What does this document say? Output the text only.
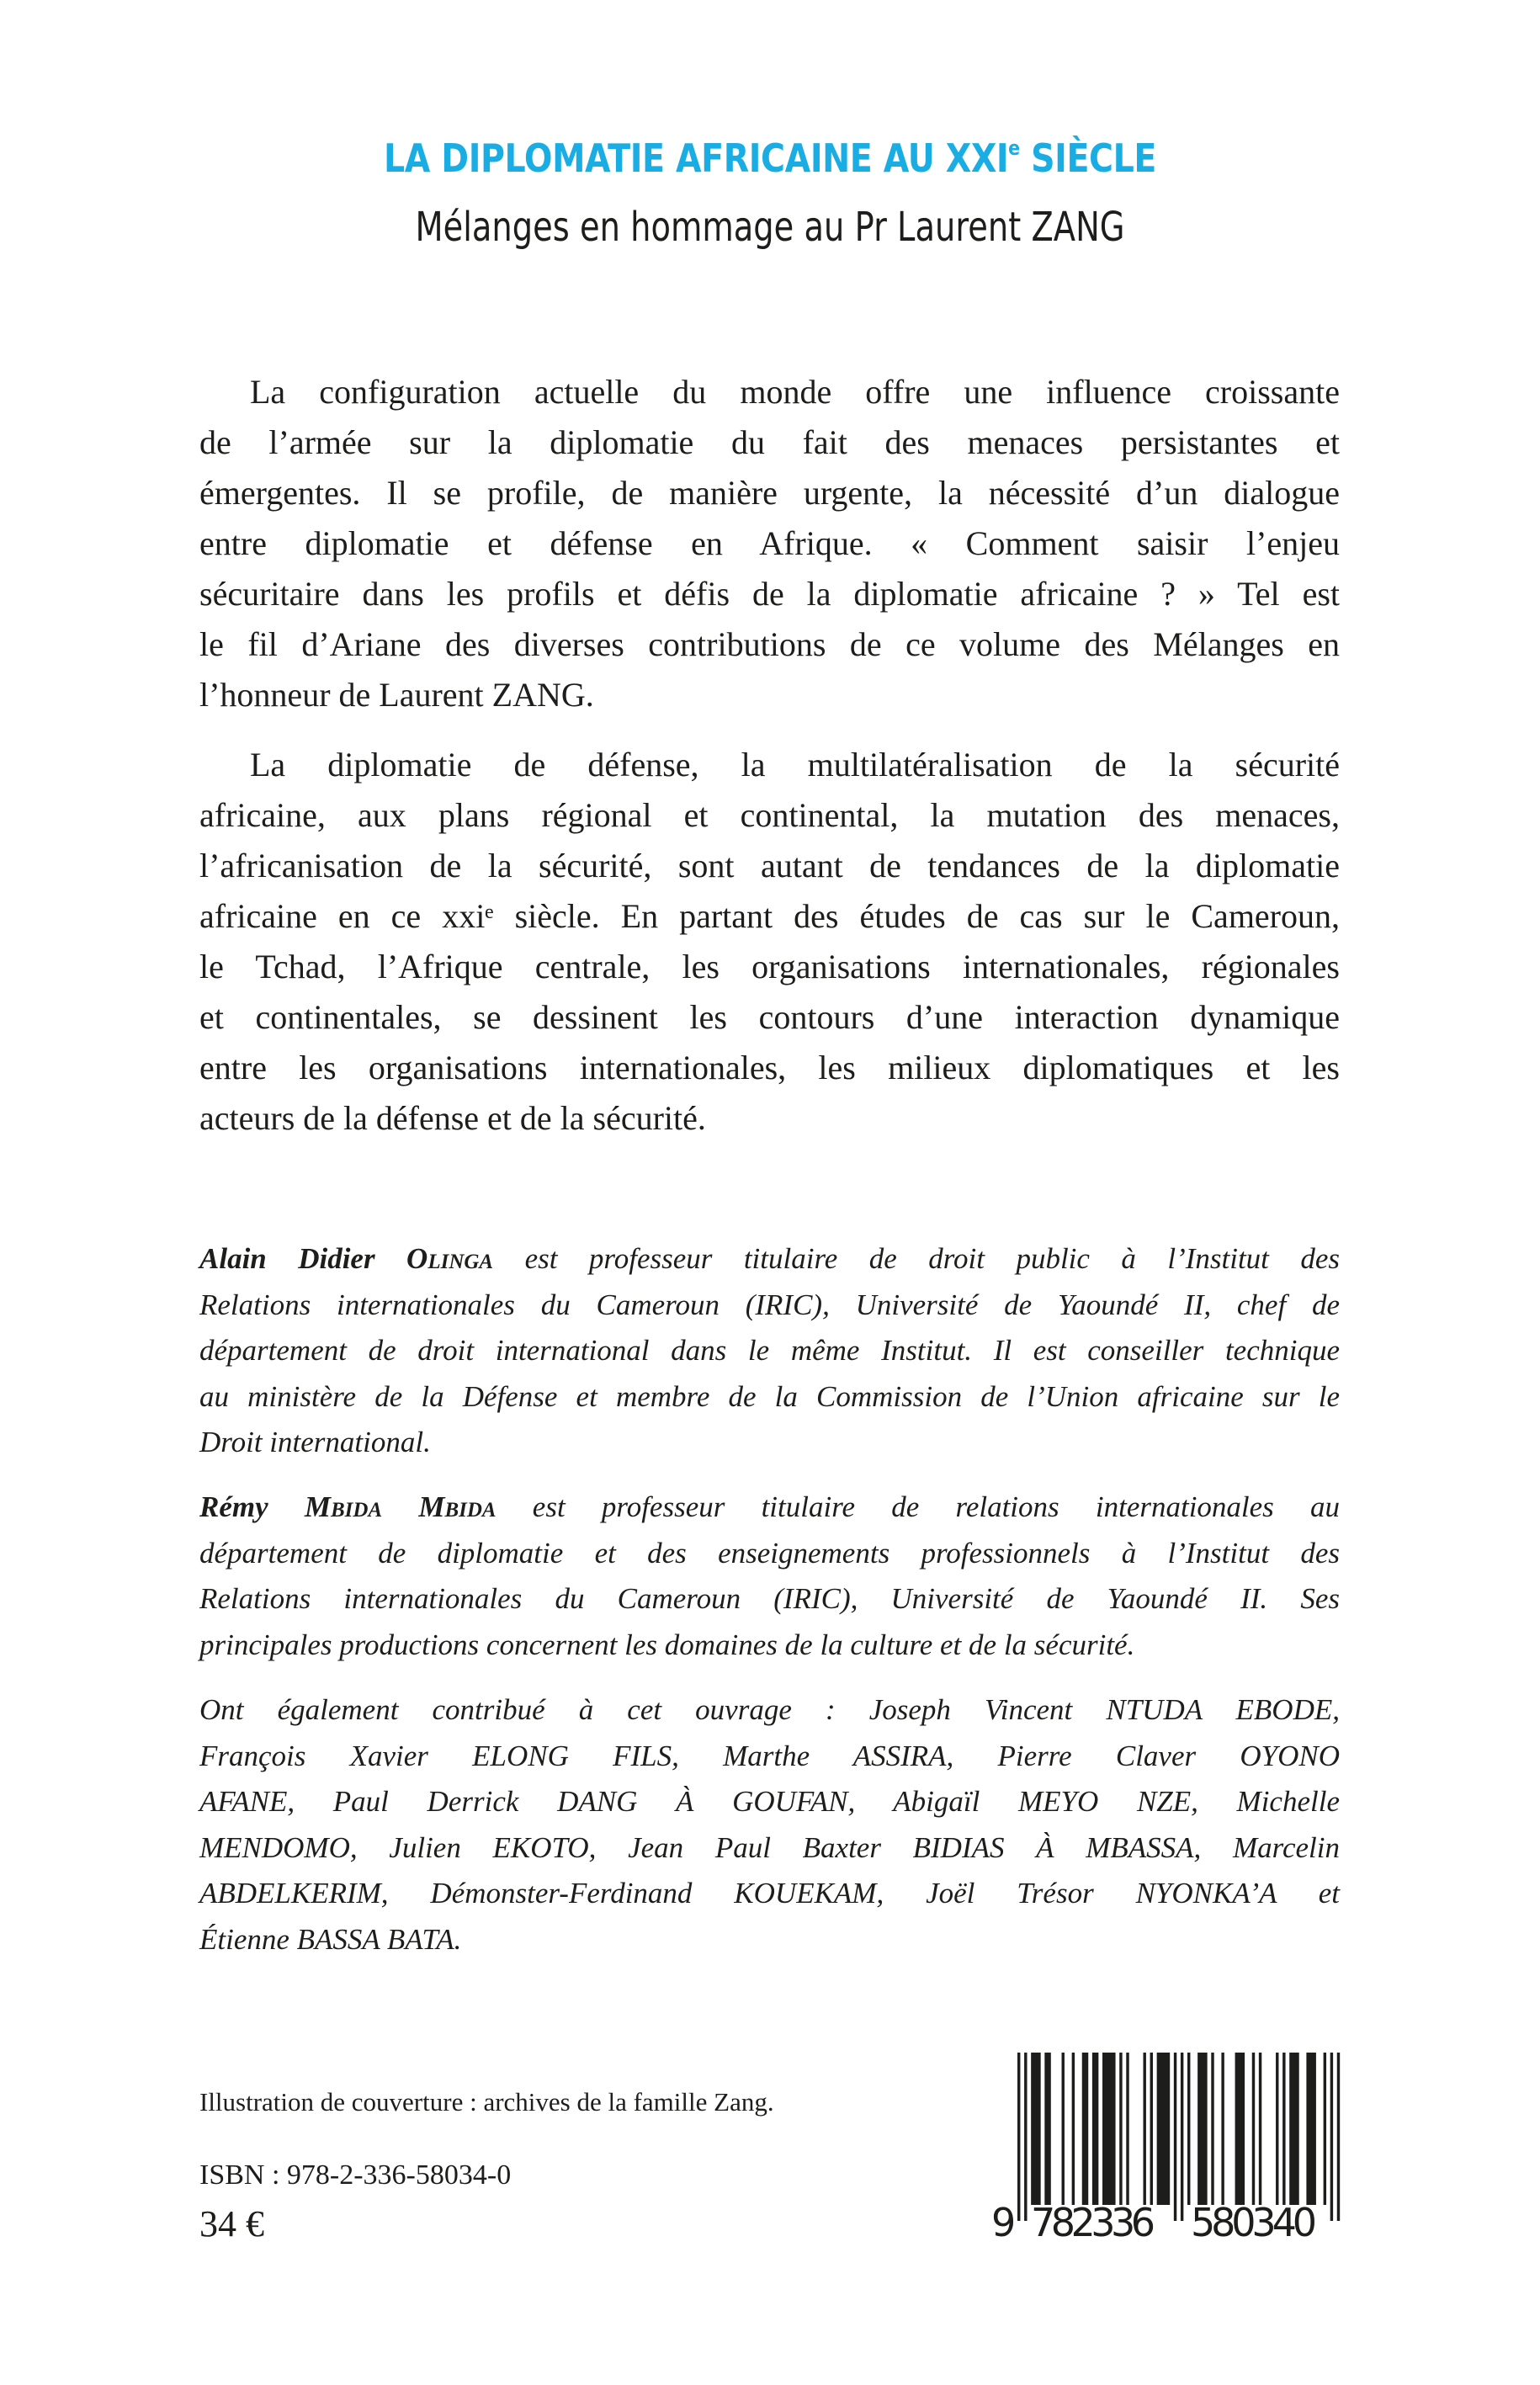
LA DIPLOMATIE AFRICAINE AU XXIe SIÈCLE
Mélanges en hommage au Pr Laurent ZANG
La configuration actuelle du monde offre une influence croissante
de l’armée sur la diplomatie du fait des menaces persistantes et
émergentes. Il se profile, de manière urgente, la nécessité d’un dialogue
entre diplomatie et défense en Afrique. « Comment saisir l’enjeu
sécuritaire dans les profils et défis de la diplomatie africaine ? » Tel est
le fil d’Ariane des diverses contributions de ce volume des Mélanges en
l’honneur de Laurent ZANG.
La diplomatie de défense, la multilatéralisation de la sécurité
africaine, aux plans régional et continental, la mutation des menaces,
l’africanisation de la sécurité, sont autant de tendances de la diplomatie
africaine en ce xxiᵉ siècle. En partant des études de cas sur le Cameroun,
le Tchad, l’Afrique centrale, les organisations internationales, régionales
et continentales, se dessinent les contours d’une interaction dynamique
entre les organisations internationales, les milieux diplomatiques et les
acteurs de la défense et de la sécurité.
Alain Didier Olinga est professeur titulaire de droit public à l’Institut des
Relations internationales du Cameroun (IRIC), Université de Yaoundé II, chef de
département de droit international dans le même Institut. Il est conseiller technique
au ministère de la Défense et membre de la Commission de l’Union africaine sur le
Droit international.
Rémy Mbida Mbida est professeur titulaire de relations internationales au
département de diplomatie et des enseignements professionnels à l’Institut des
Relations internationales du Cameroun (IRIC), Université de Yaoundé II. Ses
principales productions concernent les domaines de la culture et de la sécurité.
Ont également contribué à cet ouvrage : Joseph Vincent NTUDA EBODE,
François Xavier ELONG FILS, Marthe ASSIRA, Pierre Claver OYONO
AFANE, Paul Derrick DANG À GOUFAN, Abigaïl MEYO NZE, Michelle
MENDOMO, Julien EKOTO, Jean Paul Baxter BIDIAS À MBASSA, Marcelin
ABDELKERIM, Démonster-Ferdinand KOUEKAM, Joël Trésor NYONKA’A et
Étienne BASSA BATA.
Illustration de couverture : archives de la famille Zang.
ISBN : 978-2-336-58034-0
34 €	9 782336 580340
